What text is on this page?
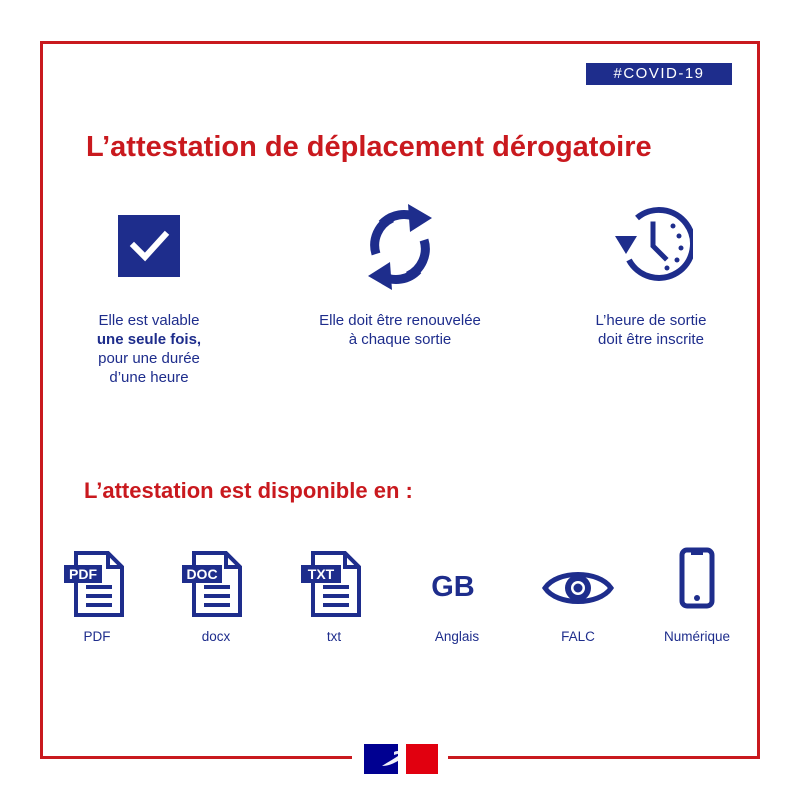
#COVID-19
L’attestation de déplacement dérogatoire
Elle est valable
une seule fois,
pour une durée
d’une heure
Elle doit être renouvelée
à chaque sortie
L’heure de sortie
doit être inscrite
L’attestation est disponible en :
PDF
PDF
DOC
docx
TXT
txt
GB
Anglais	FALC	Numérique
